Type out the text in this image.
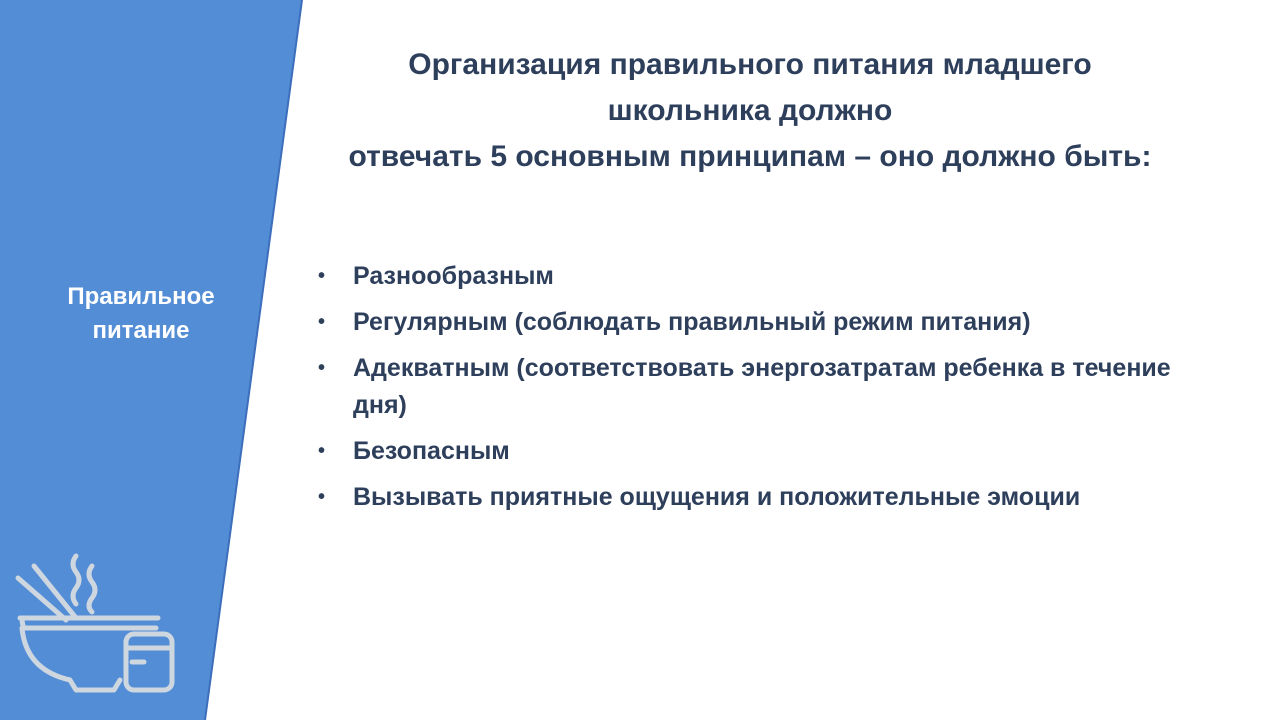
Правильное
питание
Организация правильного питания младшего
школьника должно
отвечать 5 основным принципам – оно должно быть:
• Разнообразным
• Регулярным (соблюдать правильный режим питания)
• Адекватным (соответствовать энергозатратам ребенка в течение дня)
• Безопасным
• Вызывать приятные ощущения и положительные эмоции
